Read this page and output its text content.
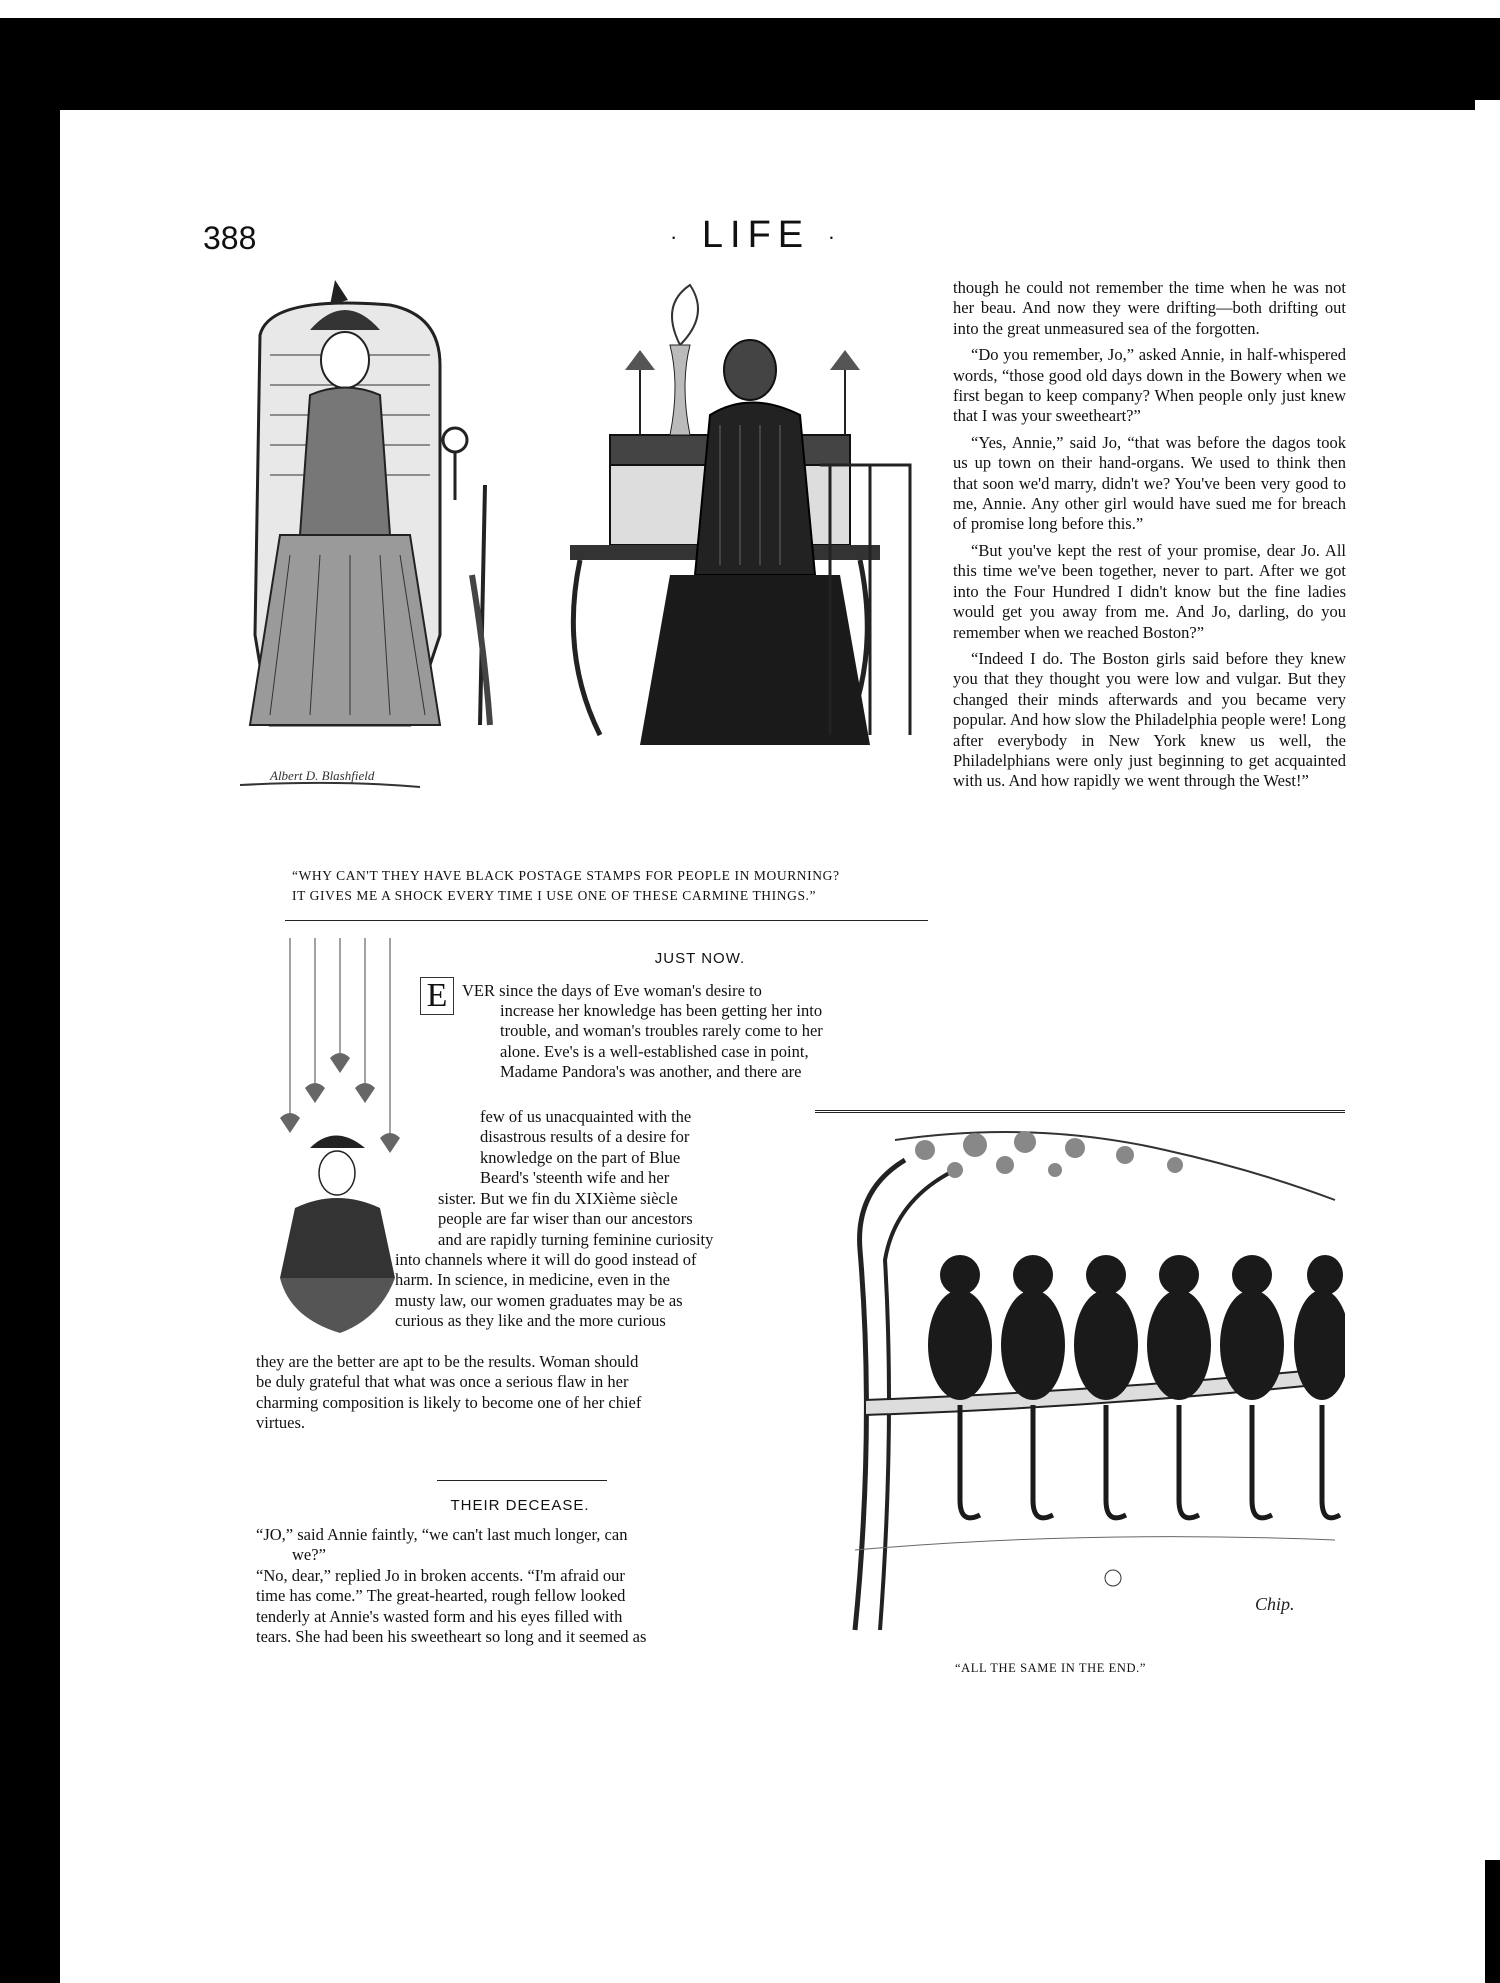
388	· LIFE ·
Albert D. Blashfield
“WHY CAN'T THEY HAVE BLACK POSTAGE STAMPS FOR PEOPLE IN MOURNING?
IT GIVES ME A SHOCK EVERY TIME I USE ONE OF THESE CARMINE THINGS.”
JUST NOW.
E VER since the days of Eve woman's desire to
increase her knowledge has been getting her into
trouble, and woman's troubles rarely come to her
alone. Eve's is a well-established case in point,
Madame Pandora's was another, and there are
few of us unacquainted with the
disastrous results of a desire for
knowledge on the part of Blue
Beard's 'steenth wife and her
sister. But we fin du XIXième siècle
people are far wiser than our ancestors
and are rapidly turning feminine curiosity
into channels where it will do good instead of
harm. In science, in medicine, even in the
musty law, our women graduates may be as
curious as they like and the more curious
they are the better are apt to be the results. Woman should
be duly grateful that what was once a serious flaw in her
charming composition is likely to become one of her chief
virtues.
THEIR DECEASE.
“JO,” said Annie faintly, “we can't last much longer, can
we?”
“No, dear,” replied Jo in broken accents. “I'm afraid our
time has come.” The great-hearted, rough fellow looked
tenderly at Annie's wasted form and his eyes filled with
tears. She had been his sweetheart so long and it seemed as

though he could not remember the time when he was not her beau. And now they were drifting—both drifting out into the great unmeasured sea of the forgotten.

“Do you remember, Jo,” asked Annie, in half-whispered words, “those good old days down in the Bowery when we first began to keep company? When people only just knew that I was your sweetheart?”

“Yes, Annie,” said Jo, “that was before the dagos took us up town on their hand-organs. We used to think then that soon we'd marry, didn't we? You've been very good to me, Annie. Any other girl would have sued me for breach of promise long before this.”

“But you've kept the rest of your promise, dear Jo. All this time we've been together, never to part. After we got into the Four Hundred I didn't know but the fine ladies would get you away from me. And Jo, darling, do you remember when we reached Boston?”

“Indeed I do. The Boston girls said before they knew you that they thought you were low and vulgar. But they changed their minds afterwards and you became very popular. And how slow the Philadelphia people were! Long after everybody in New York knew us well, the Philadelphians were only just beginning to get acquainted with us. And how rapidly we went through the West!”

Chip.
“ALL THE SAME IN THE END.”
comicbooks.com
